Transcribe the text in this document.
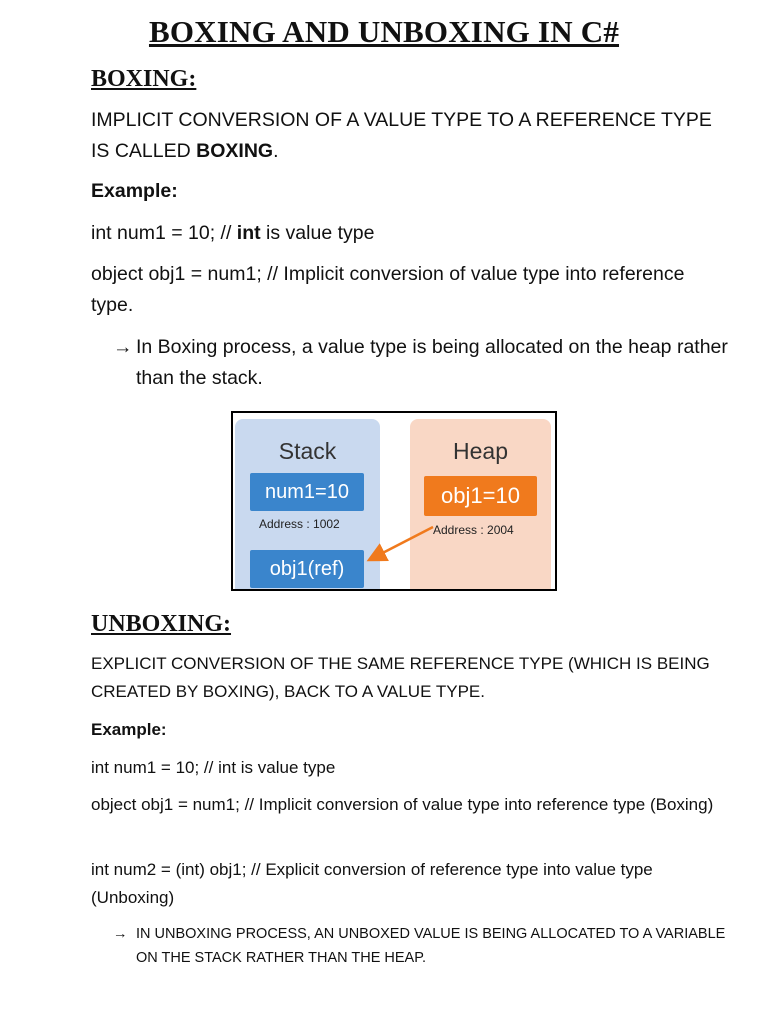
BOXING AND UNBOXING IN C#
BOXING:
IMPLICIT CONVERSION OF A VALUE TYPE TO A REFERENCE TYPE IS CALLED BOXING.
Example:
int num1 = 10; // int is value type
object obj1 = num1; // Implicit conversion of value type into reference type.
→ In Boxing process, a value type is being allocated on the heap rather than the stack.
Stack
num1=10
Address : 1002
obj1(ref)
Heap
obj1=10
Address : 2004
UNBOXING:
EXPLICIT CONVERSION OF THE SAME REFERENCE TYPE (WHICH IS BEING CREATED BY BOXING), BACK TO A VALUE TYPE.
Example:
int num1 = 10; // int is value type
object obj1 = num1; // Implicit conversion of value type into reference type (Boxing)
int num2 = (int) obj1; // Explicit conversion of reference type into value type (Unboxing)
→ IN UNBOXING PROCESS, AN UNBOXED VALUE IS BEING ALLOCATED TO A VARIABLE ON THE STACK RATHER THAN THE HEAP.
